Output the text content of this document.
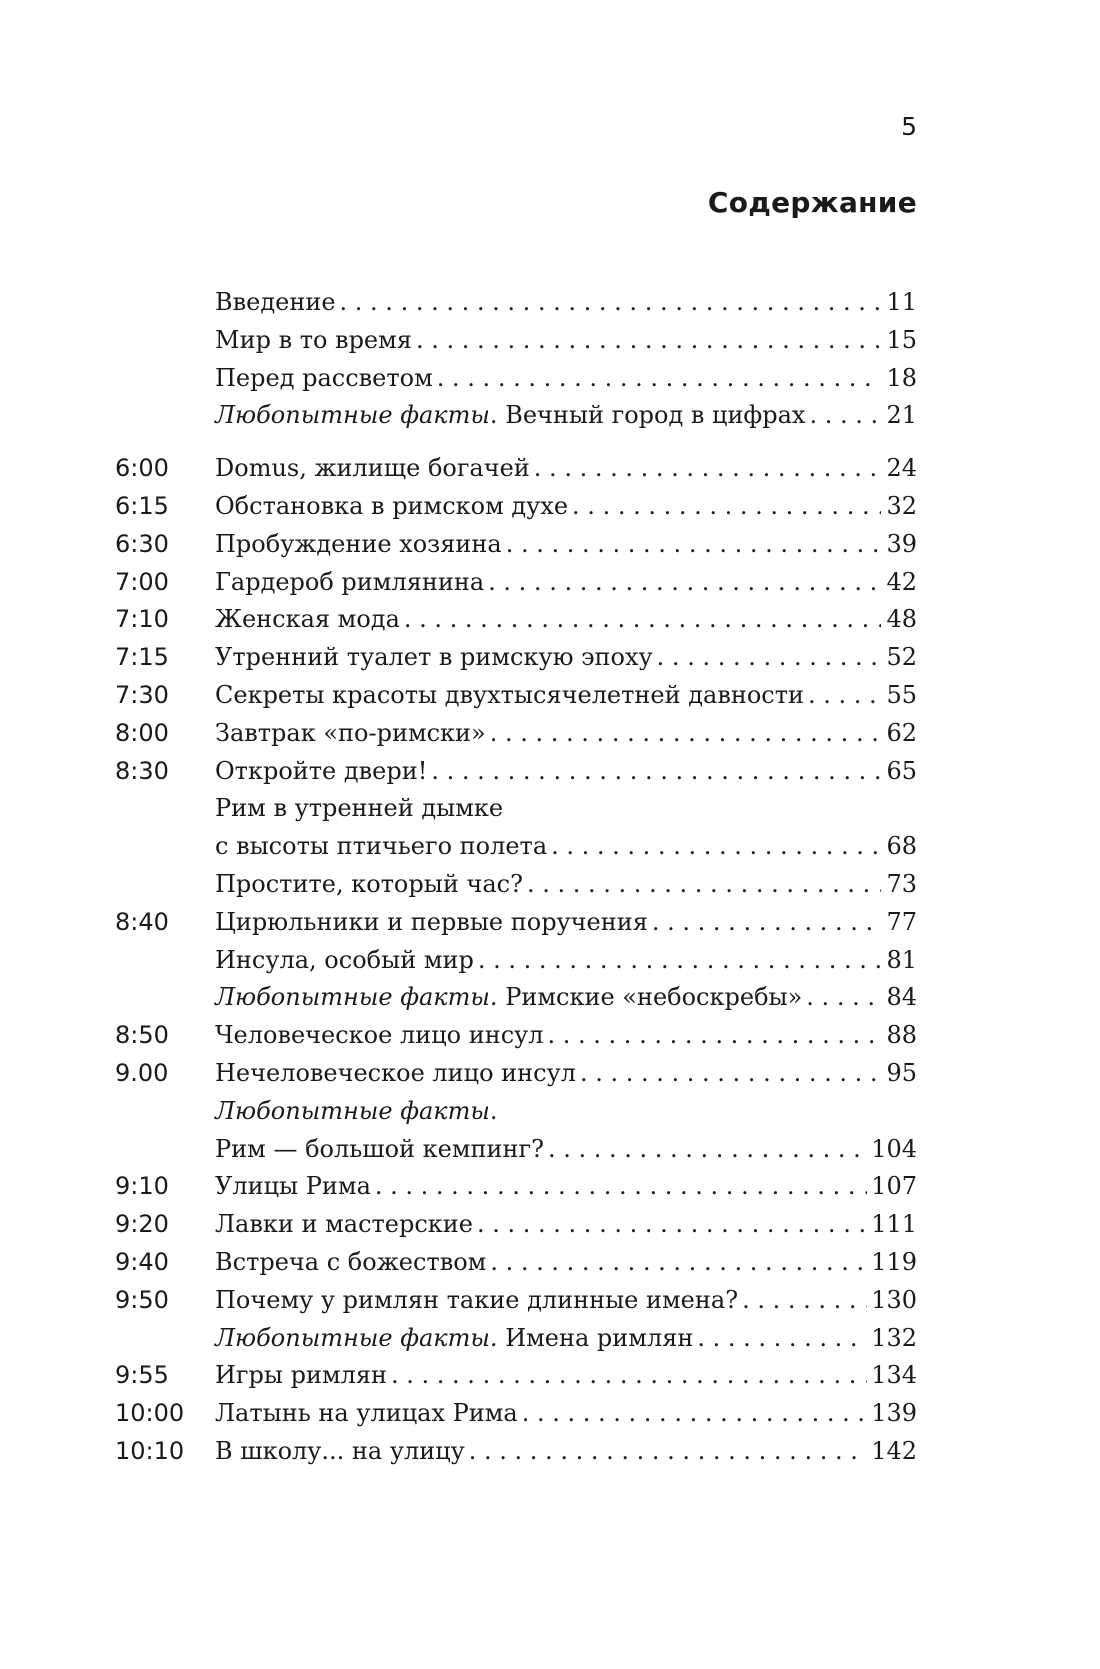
5
Содержание
Введение . . .	11
Мир в то время . . .	15
Перед рассветом . . .	18
Любопытные факты. Вечный город в цифрах . . .	21
6:00	Domus, жилище богачей . . .	24
6:15	Обстановка в римском духе . . .	32
6:30	Пробуждение хозяина . . .	39
7:00	Гардероб римлянина . . .	42
7:10	Женская мода . . .	48
7:15	Утренний туалет в римскую эпоху . . .	52
7:30	Секреты красоты двухтысячелетней давности . . .	55
8:00	Завтрак «по-римски» . . .	62
8:30	Откройте двери! . . .	65
Рим в утренней дымке
с высоты птичьего полета . . .	68
Простите, который час? . . .	73
8:40	Цирюльники и первые поручения . . .	77
Инсула, особый мир . . .	81
Любопытные факты. Римские «небоскребы» . . .	84
8:50	Человеческое лицо инсул . . .	88
9.00	Нечеловеческое лицо инсул . . .	95
Любопытные факты.
Рим — большой кемпинг? . . .	104
9:10	Улицы Рима . . .	107
9:20	Лавки и мастерские . . .	111
9:40	Встреча с божеством . . .	119
9:50	Почему у римлян такие длинные имена? . . .	130
Любопытные факты. Имена римлян . . .	132
9:55	Игры римлян . . .	134
10:00	Латынь на улицах Рима . . .	139
10:10	В школу... на улицу . . .	142
